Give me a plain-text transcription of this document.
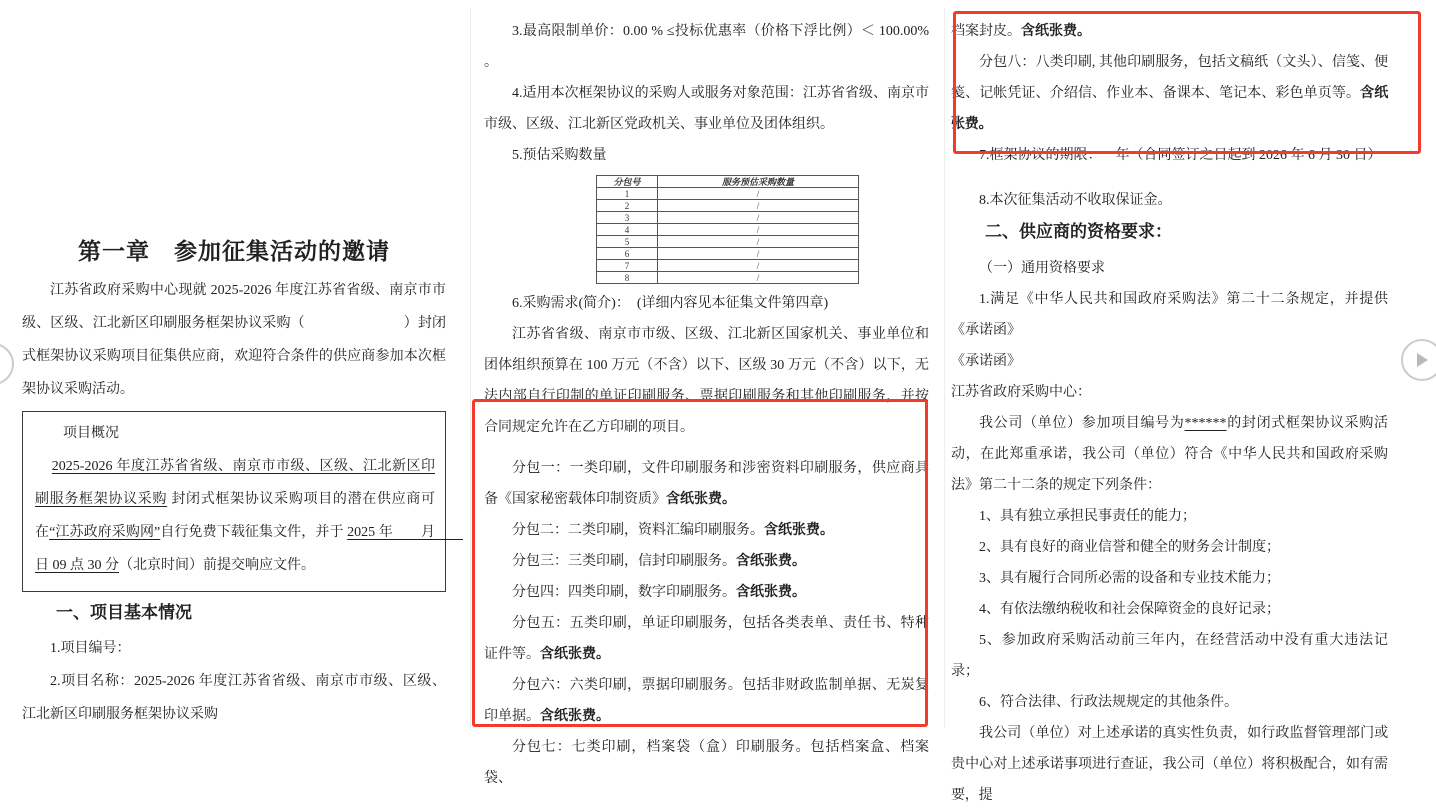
第一章　参加征集活动的邀请

江苏省政府采购中心现就 2025-2026 年度江苏省省级、南京市市级、区级、江北新区印刷服务框架协议采购（　　　　　　　）封闭式框架协议采购项目征集供应商，欢迎符合条件的供应商参加本次框架协议采购活动。

项目概况

2025-2026 年度江苏省省级、南京市市级、区级、江北新区印刷服务框架协议采购 封闭式框架协议采购项目的潜在供应商可在“江苏政府采购网”自行免费下载征集文件，并于 2025 年　　月　　日 09 点 30 分（北京时间）前提交响应文件。

一、项目基本情况

1.项目编号：

2.项目名称：2025-2026 年度江苏省省级、南京市市级、区级、江北新区印刷服务框架协议采购

3.最高限制单价：0.00 % ≤投标优惠率（价格下浮比例）＜ 100.00% 。

4.适用本次框架协议的采购人或服务对象范围：江苏省省级、南京市市级、区级、江北新区党政机关、事业单位及团体组织。

5.预估采购数量

分包号	服务预估采购数量
1	/
2	/
3	/
4	/
5	/
6	/
7	/
8	/

6.采购需求(简介)：　(详细内容见本征集文件第四章)

江苏省省级、南京市市级、区级、江北新区国家机关、事业单位和团体组织预算在 100 万元（不含）以下、区级 30 万元（不含）以下，无法内部自行印制的单证印刷服务、票据印刷服务和其他印刷服务，并按合同规定允许在乙方印刷的项目。

分包一：一类印刷，文件印刷服务和涉密资料印刷服务，供应商具备《国家秘密载体印制资质》含纸张费。

分包二：二类印刷，资料汇编印刷服务。含纸张费。

分包三：三类印刷，信封印刷服务。含纸张费。

分包四：四类印刷，数字印刷服务。含纸张费。

分包五：五类印刷，单证印刷服务，包括各类表单、责任书、特种证件等。含纸张费。

分包六：六类印刷，票据印刷服务。包括非财政监制单据、无炭复印单据。含纸张费。

分包七：七类印刷，档案袋（盒）印刷服务。包括档案盒、档案袋、

档案封皮。含纸张费。

分包八：八类印刷, 其他印刷服务，包括文稿纸（文头）、信笺、便笺、记帐凭证、介绍信、作业本、备课本、笔记本、彩色单页等。含纸张费。

7.框架协议的期限：一年（合同签订之日起到 2026 年 6 月 30 日）

8.本次征集活动不收取保证金。

二、供应商的资格要求：

（一）通用资格要求

1.满足《中华人民共和国政府采购法》第二十二条规定，并提供《承诺函》

《承诺函》

江苏省政府采购中心：

我公司（单位）参加项目编号为******的封闭式框架协议采购活动，在此郑重承诺，我公司（单位）符合《中华人民共和国政府采购法》第二十二条的规定下列条件：

1、具有独立承担民事责任的能力；

2、具有良好的商业信誉和健全的财务会计制度；

3、具有履行合同所必需的设备和专业技术能力；

4、有依法缴纳税收和社会保障资金的良好记录；

5、参加政府采购活动前三年内，在经营活动中没有重大违法记录；

6、符合法律、行政法规规定的其他条件。

我公司（单位）对上述承诺的真实性负责，如行政监督管理部门或贵中心对上述承诺事项进行查证，我公司（单位）将积极配合，如有需要，提
